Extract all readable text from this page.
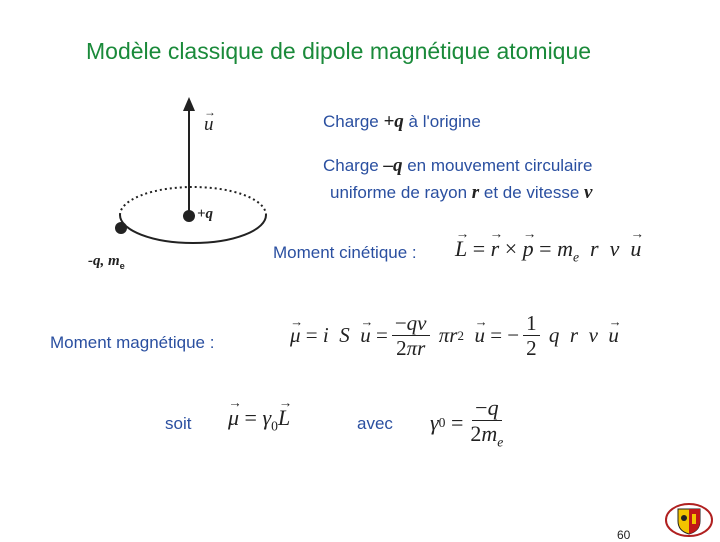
Modèle classique de dipole magnétique atomique
→ u
+q
-q, $m_e$
Charge +q à l'origine
Charge –q en mouvement circulaire
uniforme de rayon r et de vitesse v
Moment cinétique : → L = → r × → $p = m_e$ r v → u
Moment magnétique :	→ μ = i
S
→ $u = \frac{-qv}{2\pi r}$
πr 2
→ u = − $\frac{1}{2}$
q
r
v
→ u
soit → $\mu = \gamma_0\to L$	avec γ $0 = \frac{-q}{2m_e}$
60
